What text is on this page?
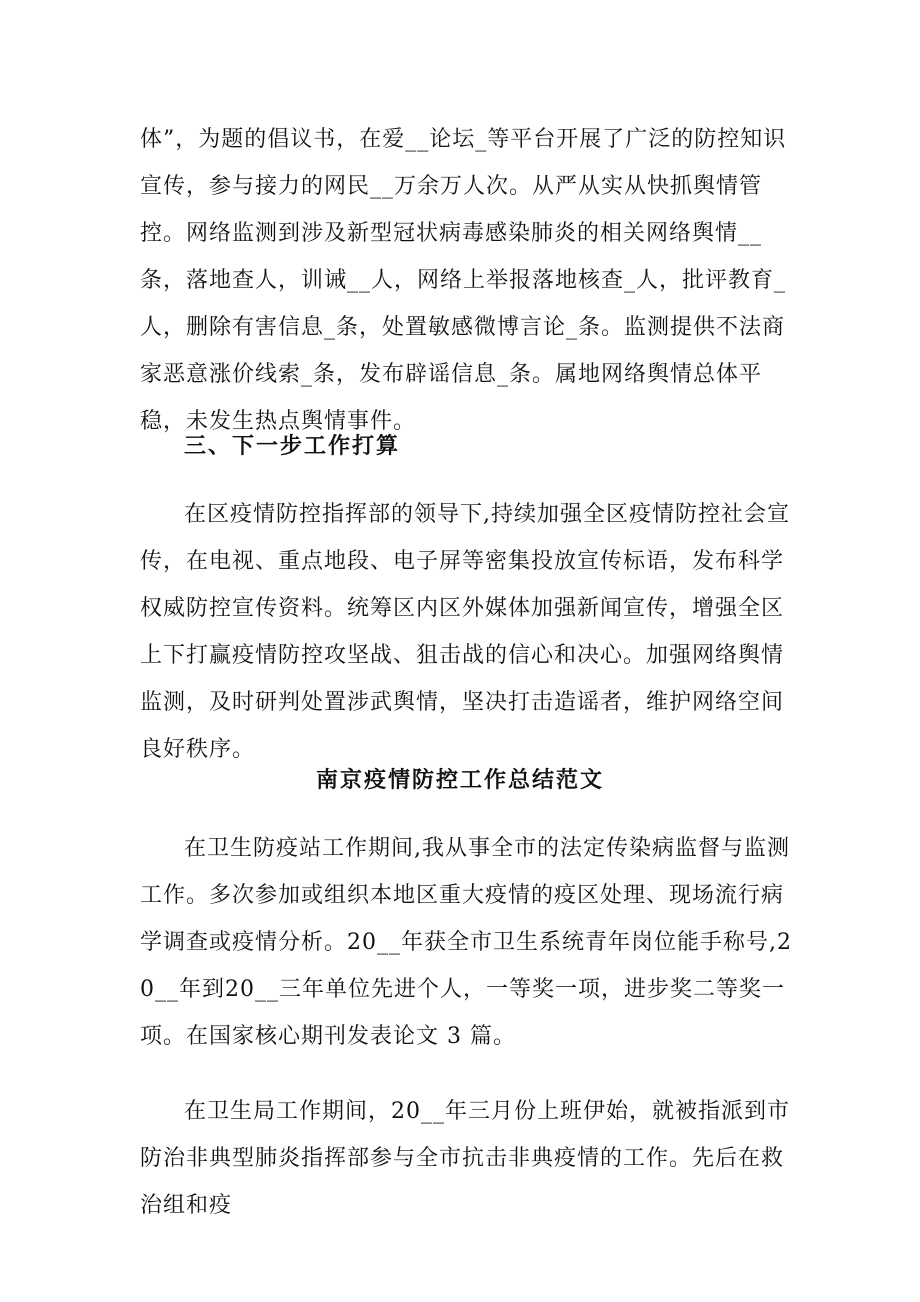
体”，为题的倡议书，在爱__论坛_等平台开展了广泛的防控知识宣传，参与接力的网民__万余万人次。从严从实从快抓舆情管控。网络监测到涉及新型冠状病毒感染肺炎的相关网络舆情__条，落地查人，训诫__人，网络上举报落地核查_人，批评教育_人，删除有害信息_条，处置敏感微博言论_条。监测提供不法商家恶意涨价线索_条，发布辟谣信息_条。属地网络舆情总体平稳，未发生热点舆情事件。

三、下一步工作打算

在区疫情防控指挥部的领导下,持续加强全区疫情防控社会宣传，在电视、重点地段、电子屏等密集投放宣传标语，发布科学权威防控宣传资料。统筹区内区外媒体加强新闻宣传，增强全区上下打赢疫情防控攻坚战、狙击战的信心和决心。加强网络舆情监测，及时研判处置涉武舆情，坚决打击造谣者，维护网络空间良好秩序。

南京疫情防控工作总结范文

在卫生防疫站工作期间,我从事全市的法定传染病监督与监测工作。多次参加或组织本地区重大疫情的疫区处理、现场流行病学调查或疫情分析。20__年获全市卫生系统青年岗位能手称号,20__年到20__三年单位先进个人，一等奖一项，进步奖二等奖一项。在国家核心期刊发表论文 3 篇。

在卫生局工作期间，20__年三月份上班伊始，就被指派到市防治非典型肺炎指挥部参与全市抗击非典疫情的工作。先后在救治组和疫
